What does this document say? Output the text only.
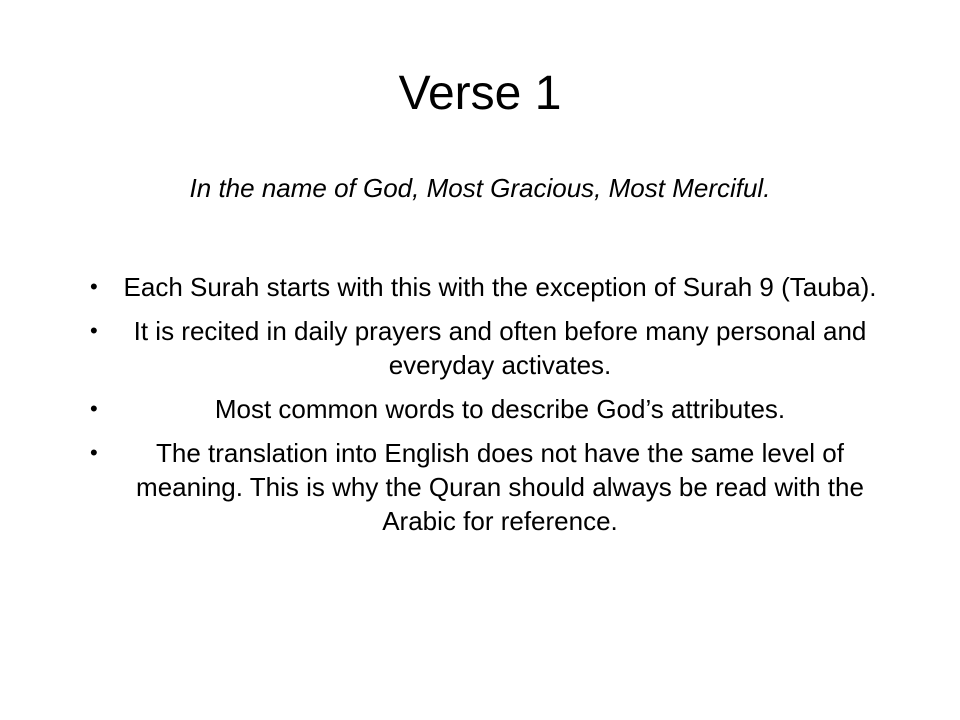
Verse 1
In the name of God, Most Gracious, Most Merciful.
• Each Surah starts with this with the exception of Surah 9 (Tauba).
• It is recited in daily prayers and often before many personal and everyday activates.
•	Most common words to describe God’s attributes.
• The translation into English does not have the same level of meaning. This is why the Quran should always be read with the Arabic for reference.
